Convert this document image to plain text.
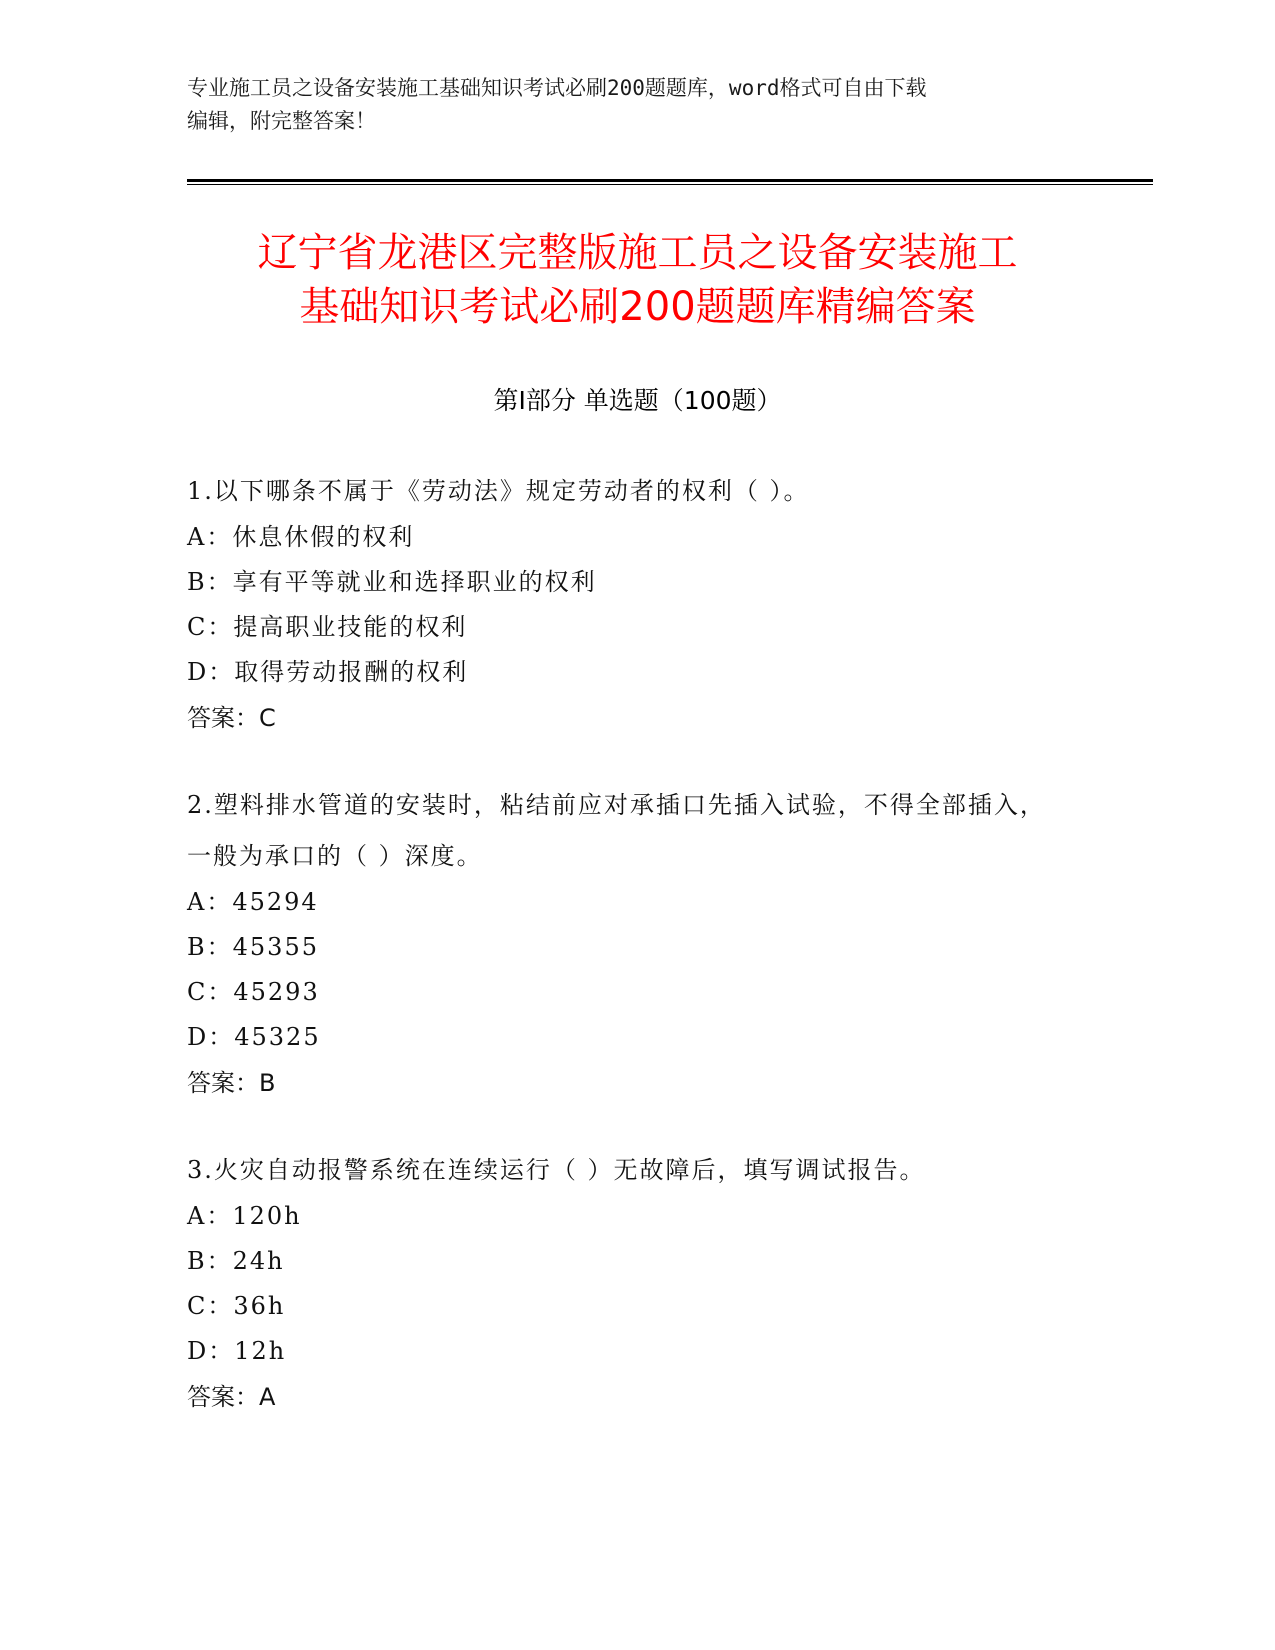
专业施工员之设备安装施工基础知识考试必刷200题题库，word格式可自由下载
编辑，附完整答案！
辽宁省龙港区完整版施工员之设备安装施工
基础知识考试必刷200题题库精编答案
第Ⅰ部分 单选题（100题）
1.以下哪条不属于《劳动法》规定劳动者的权利（ ）。
A：休息休假的权利
B：享有平等就业和选择职业的权利
C：提高职业技能的权利
D：取得劳动报酬的权利
答案：C
2.塑料排水管道的安装时，粘结前应对承插口先插入试验，不得全部插入，一般为承口的（ ）深度。
A：45294
B：45355
C：45293
D：45325
答案：B
3.火灾自动报警系统在连续运行（ ）无故障后，填写调试报告。
A：120h
B：24h
C：36h
D：12h
答案：A
